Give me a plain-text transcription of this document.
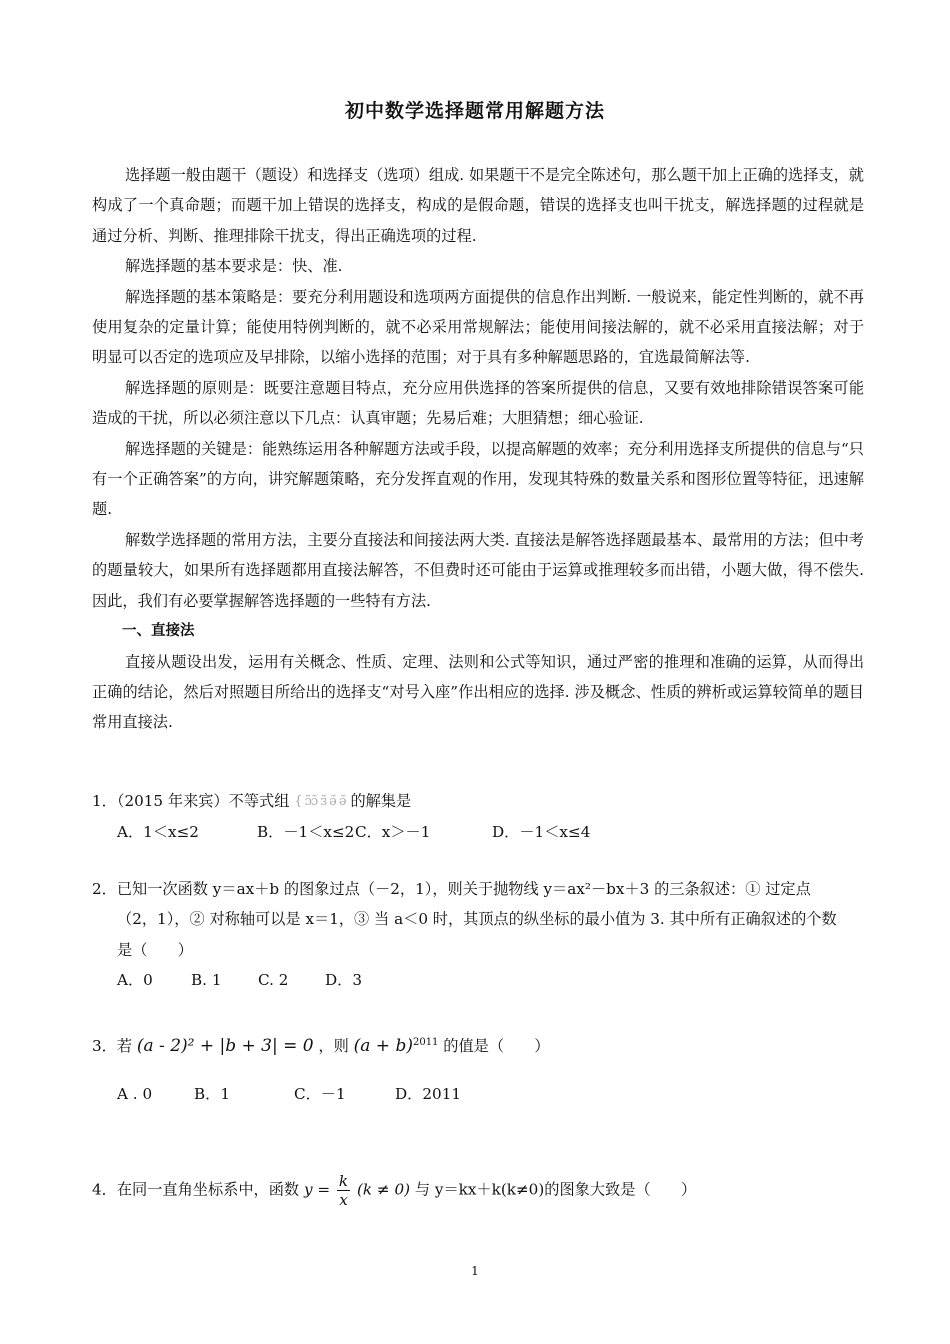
初中数学选择题常用解题方法

选择题一般由题干（题设）和选择支（选项）组成. 如果题干不是完全陈述句，那么题干加上正确的选择支，就构成了一个真命题；而题干加上错误的选择支，构成的是假命题，错误的选择支也叫干扰支，解选择题的过程就是通过分析、判断、推理排除干扰支，得出正确选项的过程.

解选择题的基本要求是：快、准.

解选择题的基本策略是：要充分利用题设和选项两方面提供的信息作出判断. 一般说来，能定性判断的，就不再使用复杂的定量计算；能使用特例判断的，就不必采用常规解法；能使用间接法解的，就不必采用直接法解；对于明显可以否定的选项应及早排除，以缩小选择的范围；对于具有多种解题思路的，宜选最简解法等.

解选择题的原则是：既要注意题目特点，充分应用供选择的答案所提供的信息，又要有效地排除错误答案可能造成的干扰，所以必须注意以下几点：认真审题；先易后难；大胆猜想；细心验证.

解选择题的关键是：能熟练运用各种解题方法或手段，以提高解题的效率；充分利用选择支所提供的信息与“只有一个正确答案”的方向，讲究解题策略，充分发挥直观的作用，发现其特殊的数量关系和图形位置等特征，迅速解题.

解数学选择题的常用方法，主要分直接法和间接法两大类. 直接法是解答选择题最基本、最常用的方法；但中考的题量较大，如果所有选择题都用直接法解答，不但费时还可能由于运算或推理较多而出错，小题大做，得不偿失. 因此，我们有必要掌握解答选择题的一些特有方法.

一、直接法

直接从题设出发，运用有关概念、性质、定理、法则和公式等知识，通过严密的推理和准确的运算，从而得出正确的结论，然后对照题目所给出的选择支“对号入座”作出相应的选择. 涉及概念、性质的辨析或运算较简单的题目常用直接法.

1．（2015 年来宾）不等式组 { ɔ̃ɔ̃ ɜ̃ ǝ̃ ǝ̃ 的解集是

A．1＜x≤2	B．－1＜x≤2C．x＞－1	D．－1＜x≤4

2．已知一次函数 y＝ax＋b 的图象过点（－2，1），则关于抛物线 y＝ax²－bx＋3 的三条叙述：① 过定点

（2，1），② 对称轴可以是 x＝1，③ 当 a＜0 时，其顶点的纵坐标的最小值为 3. 其中所有正确叙述的个数

是（　　）

A．0	B. 1 C. 2 D．3

3．若 (a - 2)² + |b + 3| = 0 ，则 $(a + b)^{2011}$ 的值是（　　）

A . 0	B．1	C．－1	D．2011

4．在同一直角坐标系中，函数 $y = \frac{k}{x} (k \ne 0)$ 与 y＝kx＋k(k≠0)的图象大致是（　　）

1
